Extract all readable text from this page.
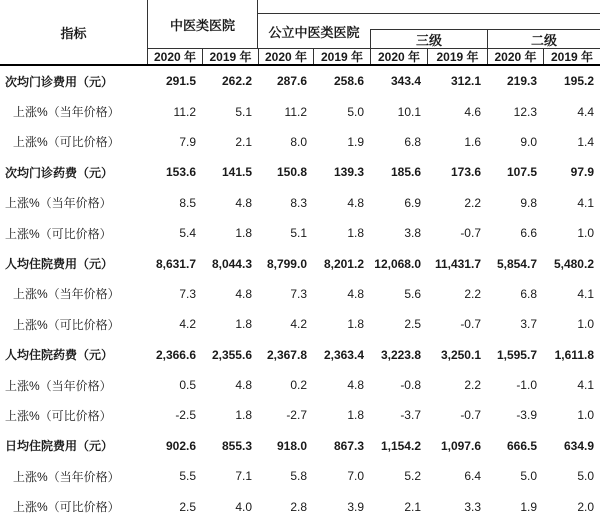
指标
中医类医院	公立中医类医院
三级	二级
2020 年	2019 年	2020 年	2019 年	2020 年	2019 年	2020 年	2019 年
次均门诊费用（元）	291.5	262.2	287.6	258.6	343.4	312.1	219.3	195.2
上涨%（当年价格）	11.2	5.1	11.2	5.0	10.1	4.6	12.3	4.4
上涨%（可比价格）	7.9	2.1	8.0	1.9	6.8	1.6	9.0	1.4
次均门诊药费（元）	153.6	141.5	150.8	139.3	185.6	173.6	107.5	97.9
上涨%（当年价格）	8.5	4.8	8.3	4.8	6.9	2.2	9.8	4.1
上涨%（可比价格）	5.4	1.8	5.1	1.8	3.8	-0.7	6.6	1.0
人均住院费用（元）	8,631.7	8,044.3	8,799.0	8,201.2 12,068.0	11,431.7	5,854.7	5,480.2
上涨%（当年价格）	7.3	4.8	7.3	4.8	5.6	2.2	6.8	4.1
上涨%（可比价格）	4.2	1.8	4.2	1.8	2.5	-0.7	3.7	1.0
人均住院药费（元）	2,366.6	2,355.6	2,367.8	2,363.4	3,223.8	3,250.1	1,595.7	1,611.8
上涨%（当年价格）	0.5	4.8	0.2	4.8	-0.8	2.2	-1.0	4.1
上涨%（可比价格）	-2.5	1.8	-2.7	1.8	-3.7	-0.7	-3.9	1.0
日均住院费用（元）	902.6	855.3	918.0	867.3	1,154.2	1,097.6	666.5	634.9
上涨%（当年价格）	5.5	7.1	5.8	7.0	5.2	6.4	5.0	5.0
上涨%（可比价格）	2.5	4.0	2.8	3.9	2.1	3.3	1.9	2.0
